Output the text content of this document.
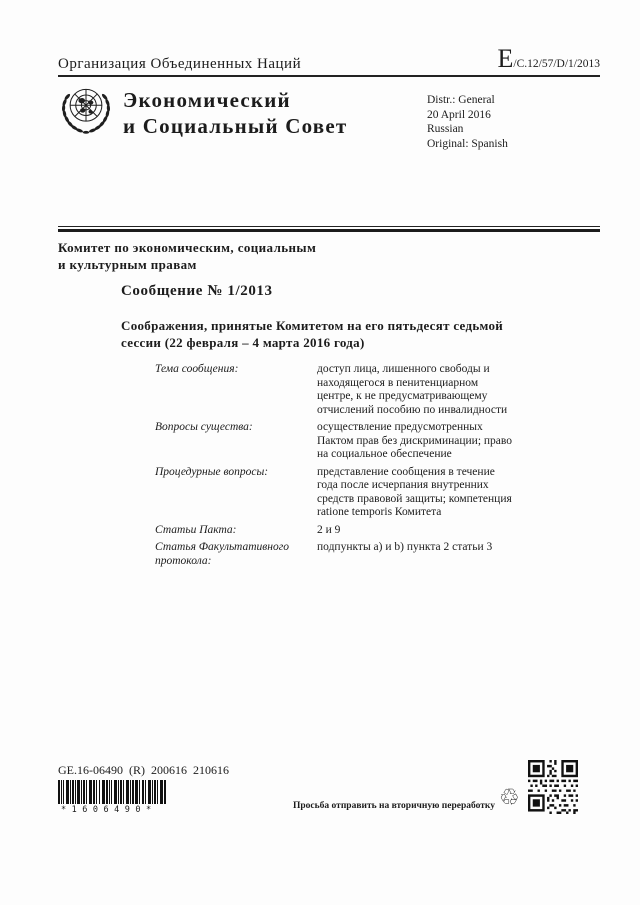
Организация Объединенных Наций	E/C.12/57/D/1/2013
Экономический
и Социальный Совет
Distr.: General
20 April 2016
Russian
Original: Spanish
Комитет по экономическим, социальным
и культурным правам
Сообщение № 1/2013
Соображения, принятые Комитетом на его пятьдесят седьмой сессии (22 февраля – 4 марта 2016 года)
Тема сообщения:	доступ лица, лишенного свободы и находящегося в пенитенциарном центре, к не предусматривающему отчислений пособию по инвалидности
Вопросы существа:	осуществление предусмотренных Пактом прав без дискриминации; право на социальное обеспечение
Процедурные вопросы:	представление сообщения в течение года после исчерпания внутренних средств правовой защиты; компетенция ratione temporis Комитета
Статьи Пакта:	2 и 9
Статья Факультативного протокола:
подпункты a) и b) пункта 2 статьи 3
GE.16-06490 (R) 200616 210616
*1606490*	Просьба отправить на вторичную переработку ♲
